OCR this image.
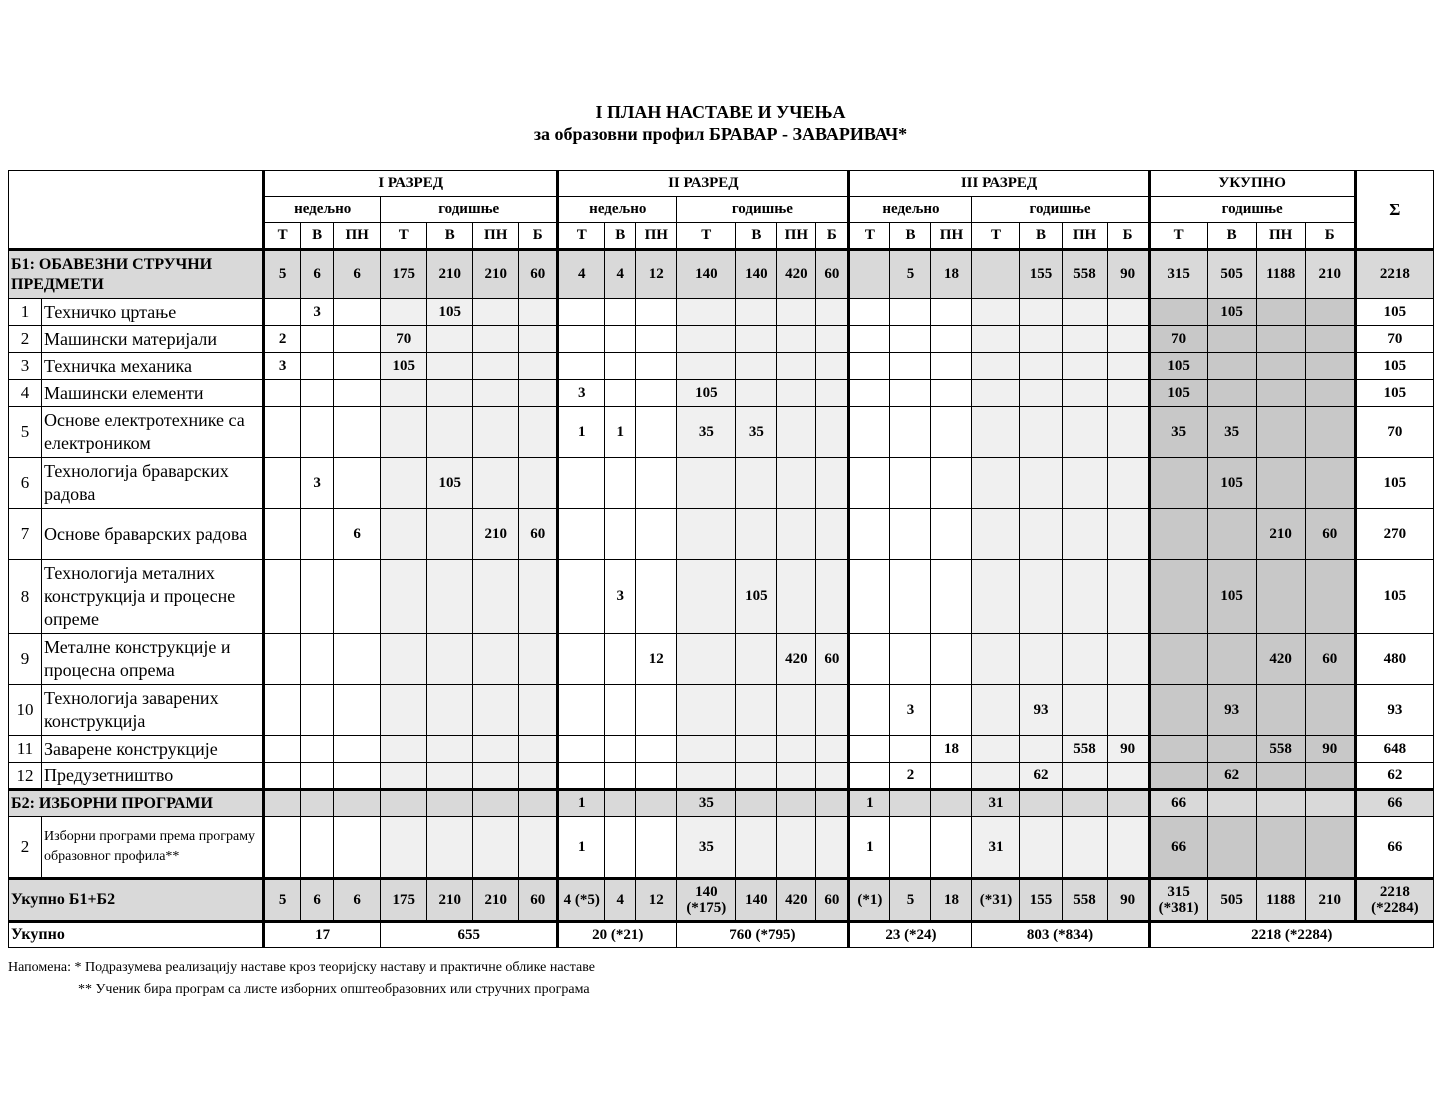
I ПЛАН НАСТАВЕ И УЧЕЊА
за образовни профил БРАВАР - ЗАВАРИВАЧ*
		I РАЗРЕД							II РАЗРЕД							III РАЗРЕД							УКУПНО				Σ
		недељно			годишње				недељно			годишње				недељно			годишње				годишње				
		Т	В	ПН	Т	В	ПН	Б	Т	В	ПН	Т	В	ПН	Б	Т	В	ПН	Т	В	ПН	Б	Т	В	ПН	Б	
Б1: ОБАВЕЗНИ СТРУЧНИ ПРЕДМЕТИ		5	6	6	175	210	210	60	4	4	12	140	140	420	60		5	18		155	558	90	315	505	1188	210	2218
1	Техничко цртање		3			105																		105			105
2	Машински материјали	2			70																		70				70
3	Техничка механика	3			105																		105				105
4	Машински елементи								3			105											105				105
5	Основе електротехнике са електроником								1	1		35	35										35	35			70
6	Технологија браварских радова		3			105																		105			105
7	Основе браварских радова			6			210	60																	210	60	270
8	Технологија металних конструкција и процесне опреме									3			105											105			105
9	Металне конструкције и процесна опрема										12			420	60										420	60	480
10	Технологија заварених конструкција																3			93				93			93
11	Заварене конструкције																	18			558	90			558	90	648
12	Предузетништво																2			62				62			62
Б2: ИЗБОРНИ ПРОГРАМИ									1			35				1			31				66				66
2	Изборни програми према програму образовног профила**								1			35				1			31				66				66
Укупно Б1+Б2		5	6	6	175	210	210	60	4 (*5)	4	12	140 (*175)	140	420	60	(*1)	5	18	(*31)	155	558	90	315 (*381)	505	1188	210	2218 (*2284)
Укупно		17			655				20 (*21)			760 (*795)				23 (*24)			803 (*834)				2218 (*2284)				
Напомена: * Подразумева реализацију наставе кроз теоријску наставу и практичне облике наставе
** Ученик бира програм са листе изборних општеобразовних или стручних програма
